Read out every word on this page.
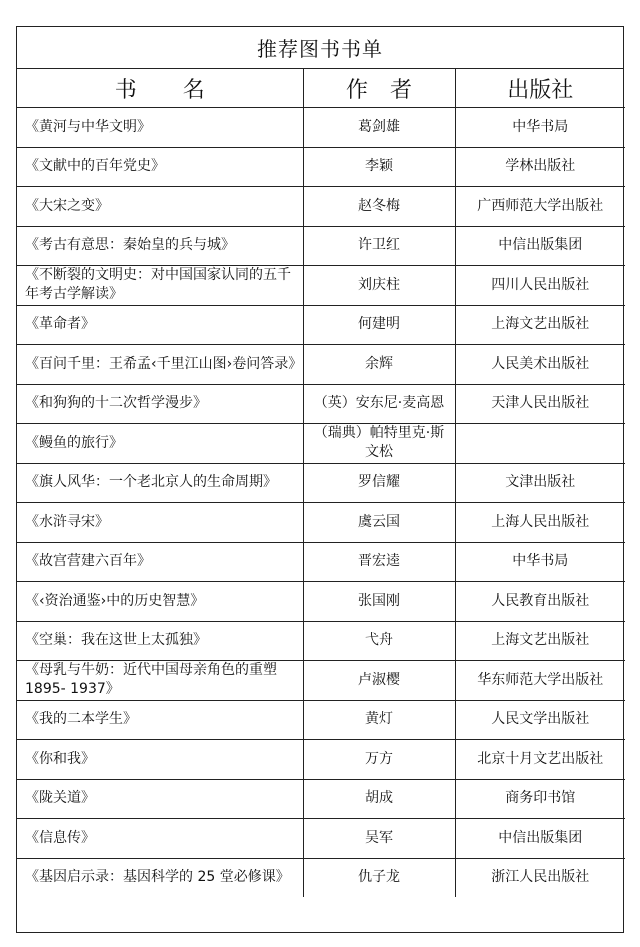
推荐图书书单
书名	作者	出版社
《黄河与中华文明》	葛剑雄	中华书局
《文献中的百年党史》	李颖	学林出版社
《大宋之变》	赵冬梅	广西师范大学出版社
《考古有意思：秦始皇的兵与城》	许卫红	中信出版集团
《不断裂的文明史：对中国国家认同的五千年考古学解读》	刘庆柱	四川人民出版社
《革命者》	何建明	上海文艺出版社
《百问千里：王希孟‹千里江山图›卷问答录》	余辉	人民美术出版社
《和狗狗的十二次哲学漫步》	（英）安东尼·麦高恩	天津人民出版社
《鳗鱼的旅行》	（瑞典）帕特里克·斯文松	
《旗人风华：一个老北京人的生命周期》	罗信耀	文津出版社
《水浒寻宋》	虞云国	上海人民出版社
《故宫营建六百年》	晋宏逵	中华书局
《‹资治通鉴›中的历史智慧》	张国刚	人民教育出版社
《空巢：我在这世上太孤独》	弋舟	上海文艺出版社
《母乳与牛奶：近代中国母亲角色的重塑1895- 1937》	卢淑樱	华东师范大学出版社
《我的二本学生》	黄灯	人民文学出版社
《你和我》	万方	北京十月文艺出版社
《陇关道》	胡成	商务印书馆
《信息传》	吴军	中信出版集团
《基因启示录：基因科学的 25 堂必修课》	仇子龙	浙江人民出版社
